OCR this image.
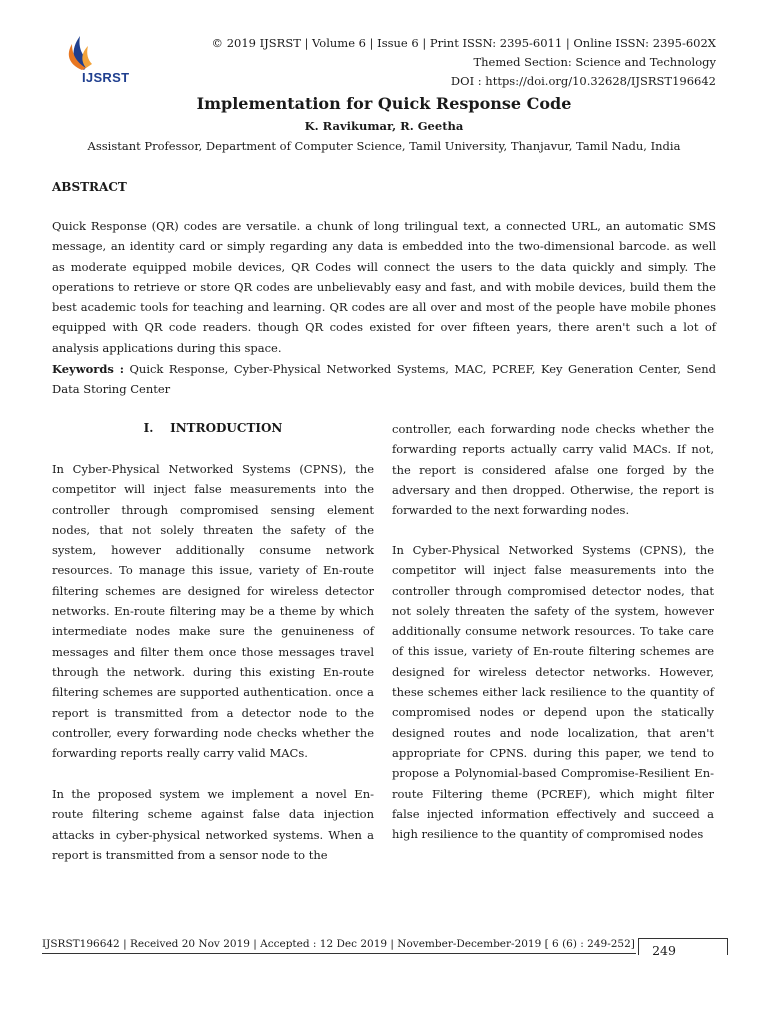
IJSRST
© 2019 IJSRST | Volume 6 | Issue 6 | Print ISSN: 2395-6011 | Online ISSN: 2395-602X
Themed Section: Science and Technology
DOI : https://doi.org/10.32628/IJSRST196642
Implementation for Quick Response Code
K. Ravikumar, R. Geetha
Assistant Professor, Department of Computer Science, Tamil University, Thanjavur, Tamil Nadu, India
ABSTRACT
Quick Response (QR) codes are versatile. a chunk of long trilingual text, a connected URL, an automatic SMS message, an identity card or simply regarding any data is embedded into the two-dimensional barcode. as well as moderate equipped mobile devices, QR Codes will connect the users to the data quickly and simply. The operations to retrieve or store QR codes are unbelievably easy and fast, and with mobile devices, build them the best academic tools for teaching and learning. QR codes are all over and most of the people have mobile phones equipped with QR code readers. though QR codes existed for over fifteen years, there aren't such a lot of analysis applications during this space.
Keywords : Quick Response, Cyber-Physical Networked Systems, MAC, PCREF, Key Generation Center, Send Data Storing Center
I.    INTRODUCTION
In Cyber-Physical Networked Systems (CPNS), the competitor will inject false measurements into the controller through compromised sensing element nodes, that not solely threaten the safety of the system, however additionally consume network resources. To manage this issue, variety of En-route filtering schemes are designed for wireless detector networks. En-route filtering may be a theme by which intermediate nodes make sure the genuineness of messages and filter them once those messages travel through the network. during this existing En-route filtering schemes are supported authentication. once a report is transmitted from a detector node to the controller, every forwarding node checks whether the forwarding reports really carry valid MACs.
In the proposed system we implement a novel En-route filtering scheme against false data injection attacks in cyber-physical networked systems. When a report is transmitted from a sensor node to the
controller, each forwarding node checks whether the forwarding reports actually carry valid MACs. If not, the report is considered afalse one forged by the adversary and then dropped. Otherwise, the report is forwarded to the next forwarding nodes.
In Cyber-Physical Networked Systems (CPNS), the competitor will inject false measurements into the controller through compromised detector nodes, that not solely threaten the safety of the system, however additionally consume network resources. To take care of this issue, variety of En-route filtering schemes are designed for wireless detector networks. However, these schemes either lack resilience to the quantity of compromised nodes or depend upon the statically designed routes and node localization, that aren't appropriate for CPNS. during this paper, we tend to propose a Polynomial-based Compromise-Resilient En-route Filtering theme (PCREF), which might filter false injected information effectively and succeed a high resilience to the quantity of compromised nodes
IJSRST196642 | Received 20 Nov 2019 | Accepted : 12 Dec 2019 | November-December-2019 [ 6 (6) : 249-252]	249
